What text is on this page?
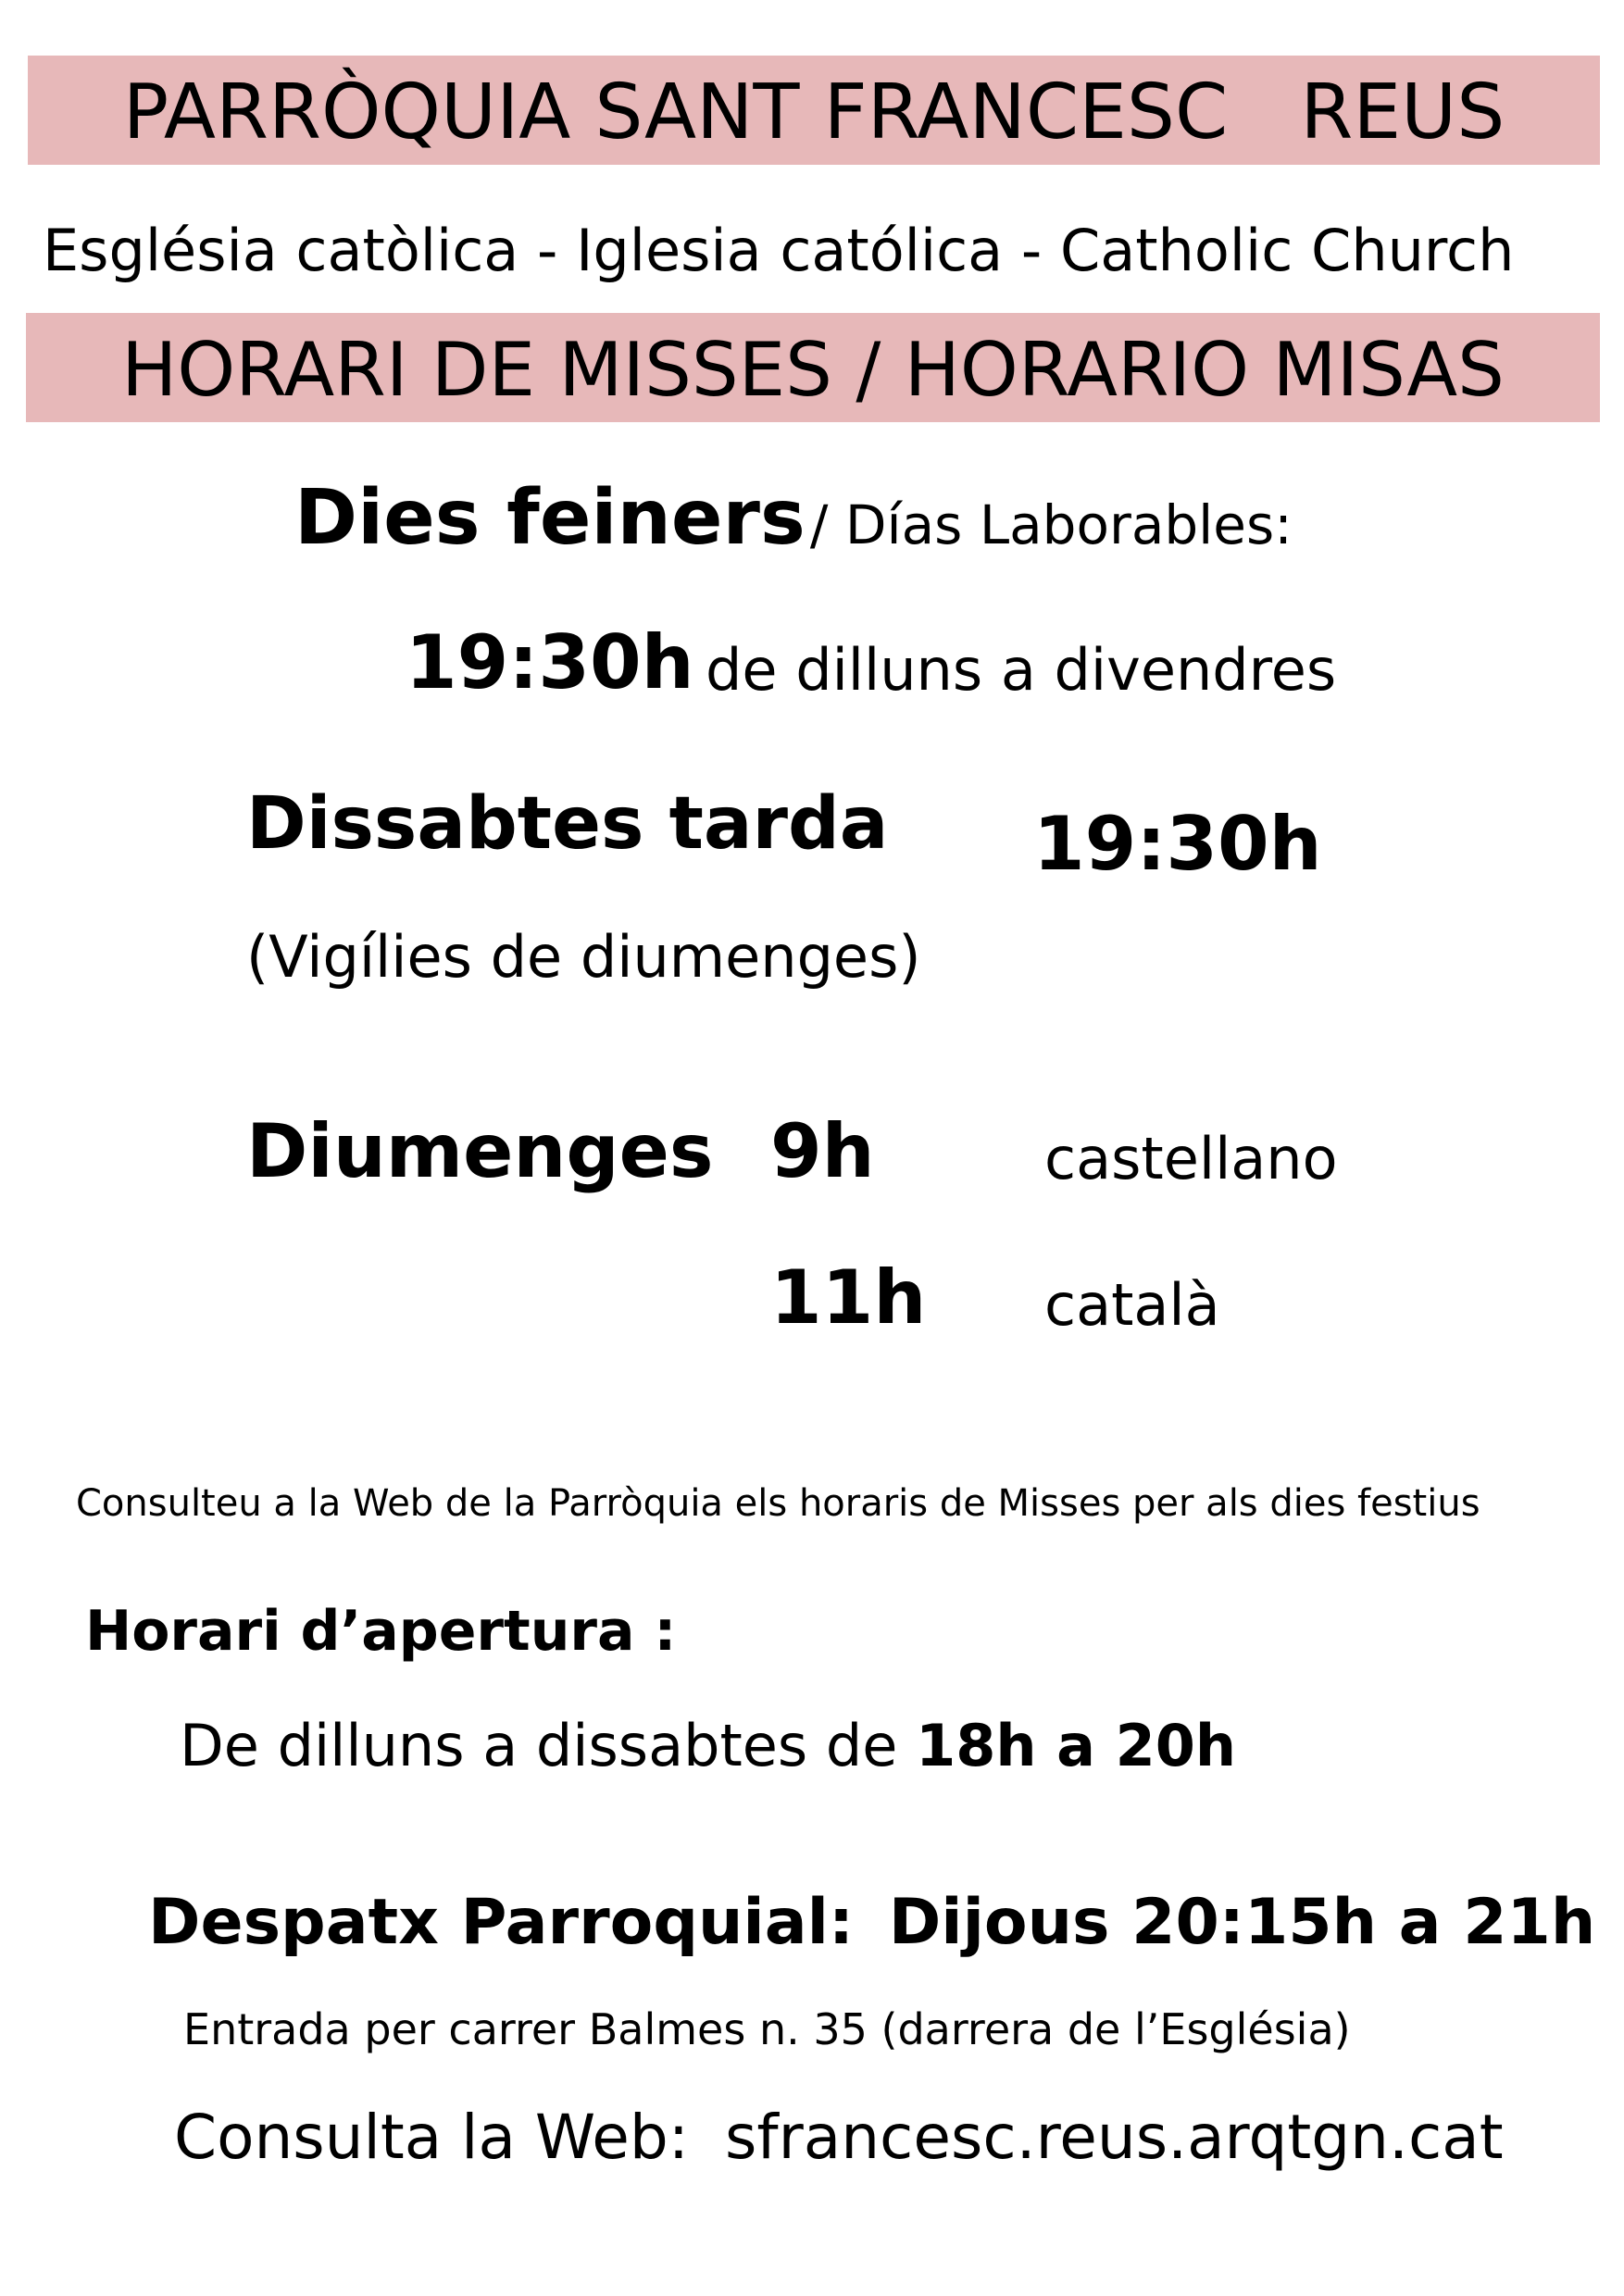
PARRÒQUIA SANT FRANCESC   REUS
Església catòlica - Iglesia católica - Catholic Church
HORARI DE MISSES / HORARIO MISAS
Dies feiners / Días Laborables:
19:30h de dilluns a divendres
Dissabtes tarda 19:30h
(Vigílies de diumenges)
Diumenges 9h	castellano
11h català
Consulteu a la Web de la Parròquia els horaris de Misses per als dies festius
Horari d’apertura :
De dilluns a dissabtes de 18h a 20h
Despatx Parroquial: Dijous 20:15h a 21h
Entrada per carrer Balmes n. 35 (darrera de l’Església)
Consulta la Web: sfrancesc.reus.arqtgn.cat
